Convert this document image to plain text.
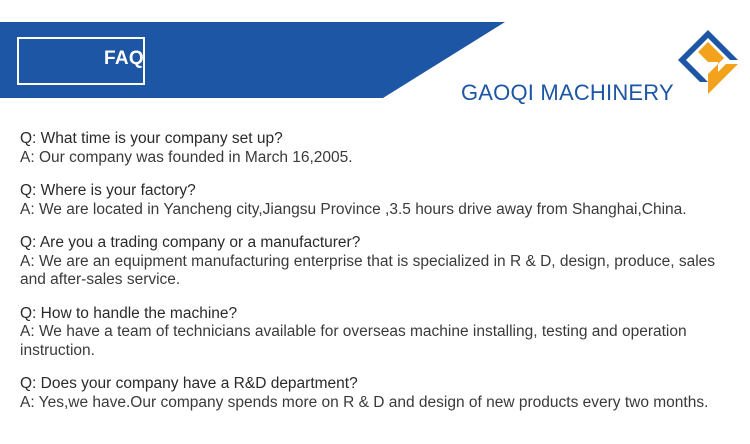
FAQ
GAOQI MACHINERY

Q: What time is your company set up?

A: Our company was founded in March 16,2005.

Q: Where is your factory?

A: We are located in Yancheng city,Jiangsu Province ,3.5 hours drive away from Shanghai,China.

Q: Are you a trading company or a manufacturer?

A: We are an equipment manufacturing enterprise that is specialized in R & D, design, produce, sales and after-sales service.

Q: How to handle the machine?

A: We have a team of technicians available for overseas machine installing, testing and operation instruction.

Q: Does your company have a R&D department?

A: Yes,we have.Our company spends more on R & D and design of new products every two months.
